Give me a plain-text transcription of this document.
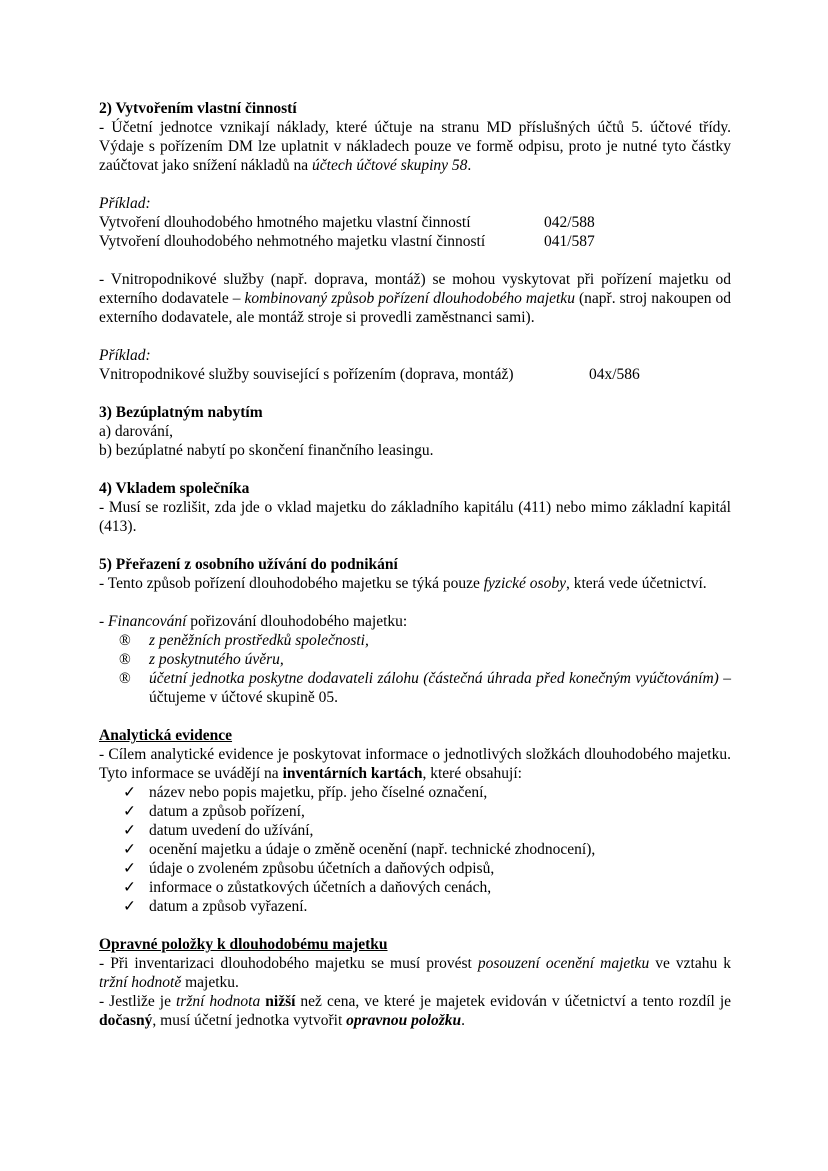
2) Vytvořením vlastní činností

- Účetní jednotce vznikají náklady, které účtuje na stranu MD příslušných účtů 5. účtové třídy. Výdaje s pořízením DM lze uplatnit v nákladech pouze ve formě odpisu, proto je nutné tyto částky zaúčtovat jako snížení nákladů na účtech účtové skupiny 58.

Příklad:

Vytvoření dlouhodobého hmotného majetku vlastní činností	042/588
Vytvoření dlouhodobého nehmotného majetku vlastní činností	041/587

- Vnitropodnikové služby (např. doprava, montáž) se mohou vyskytovat při pořízení majetku od externího dodavatele – kombinovaný způsob pořízení dlouhodobého majetku (např. stroj nakoupen od externího dodavatele, ale montáž stroje si provedli zaměstnanci sami).

Příklad:

Vnitropodnikové služby související s pořízením (doprava, montáž)	04x/586

3) Bezúplatným nabytím

a) darování,

b) bezúplatné nabytí po skončení finančního leasingu.

4) Vkladem společníka

- Musí se rozlišit, zda jde o vklad majetku do základního kapitálu (411) nebo mimo základní kapitál (413).

5) Přeřazení z osobního užívání do podnikání

- Tento způsob pořízení dlouhodobého majetku se týká pouze fyzické osoby, která vede účetnictví.

- Financování pořizování dlouhodobého majetku:

®	z peněžních prostředků společnosti,
®	z poskytnutého úvěru,
®	účetní jednotka poskytne dodavateli zálohu (částečná úhrada před konečným vyúčtováním) – účtujeme v účtové skupině 05.

Analytická evidence

- Cílem analytické evidence je poskytovat informace o jednotlivých složkách dlouhodobého majetku. Tyto informace se uvádějí na inventárních kartách, které obsahují:

✓ název nebo popis majetku, příp. jeho číselné označení,
✓ datum a způsob pořízení,
✓ datum uvedení do užívání,
✓ ocenění majetku a údaje o změně ocenění (např. technické zhodnocení),
✓ údaje o zvoleném způsobu účetních a daňových odpisů,
✓ informace o zůstatkových účetních a daňových cenách,
✓ datum a způsob vyřazení.

Opravné položky k dlouhodobému majetku

- Při inventarizaci dlouhodobého majetku se musí provést posouzení ocenění majetku ve vztahu k tržní hodnotě majetku.

- Jestliže je tržní hodnota nižší než cena, ve které je majetek evidován v účetnictví a tento rozdíl je dočasný, musí účetní jednotka vytvořit opravnou položku.
